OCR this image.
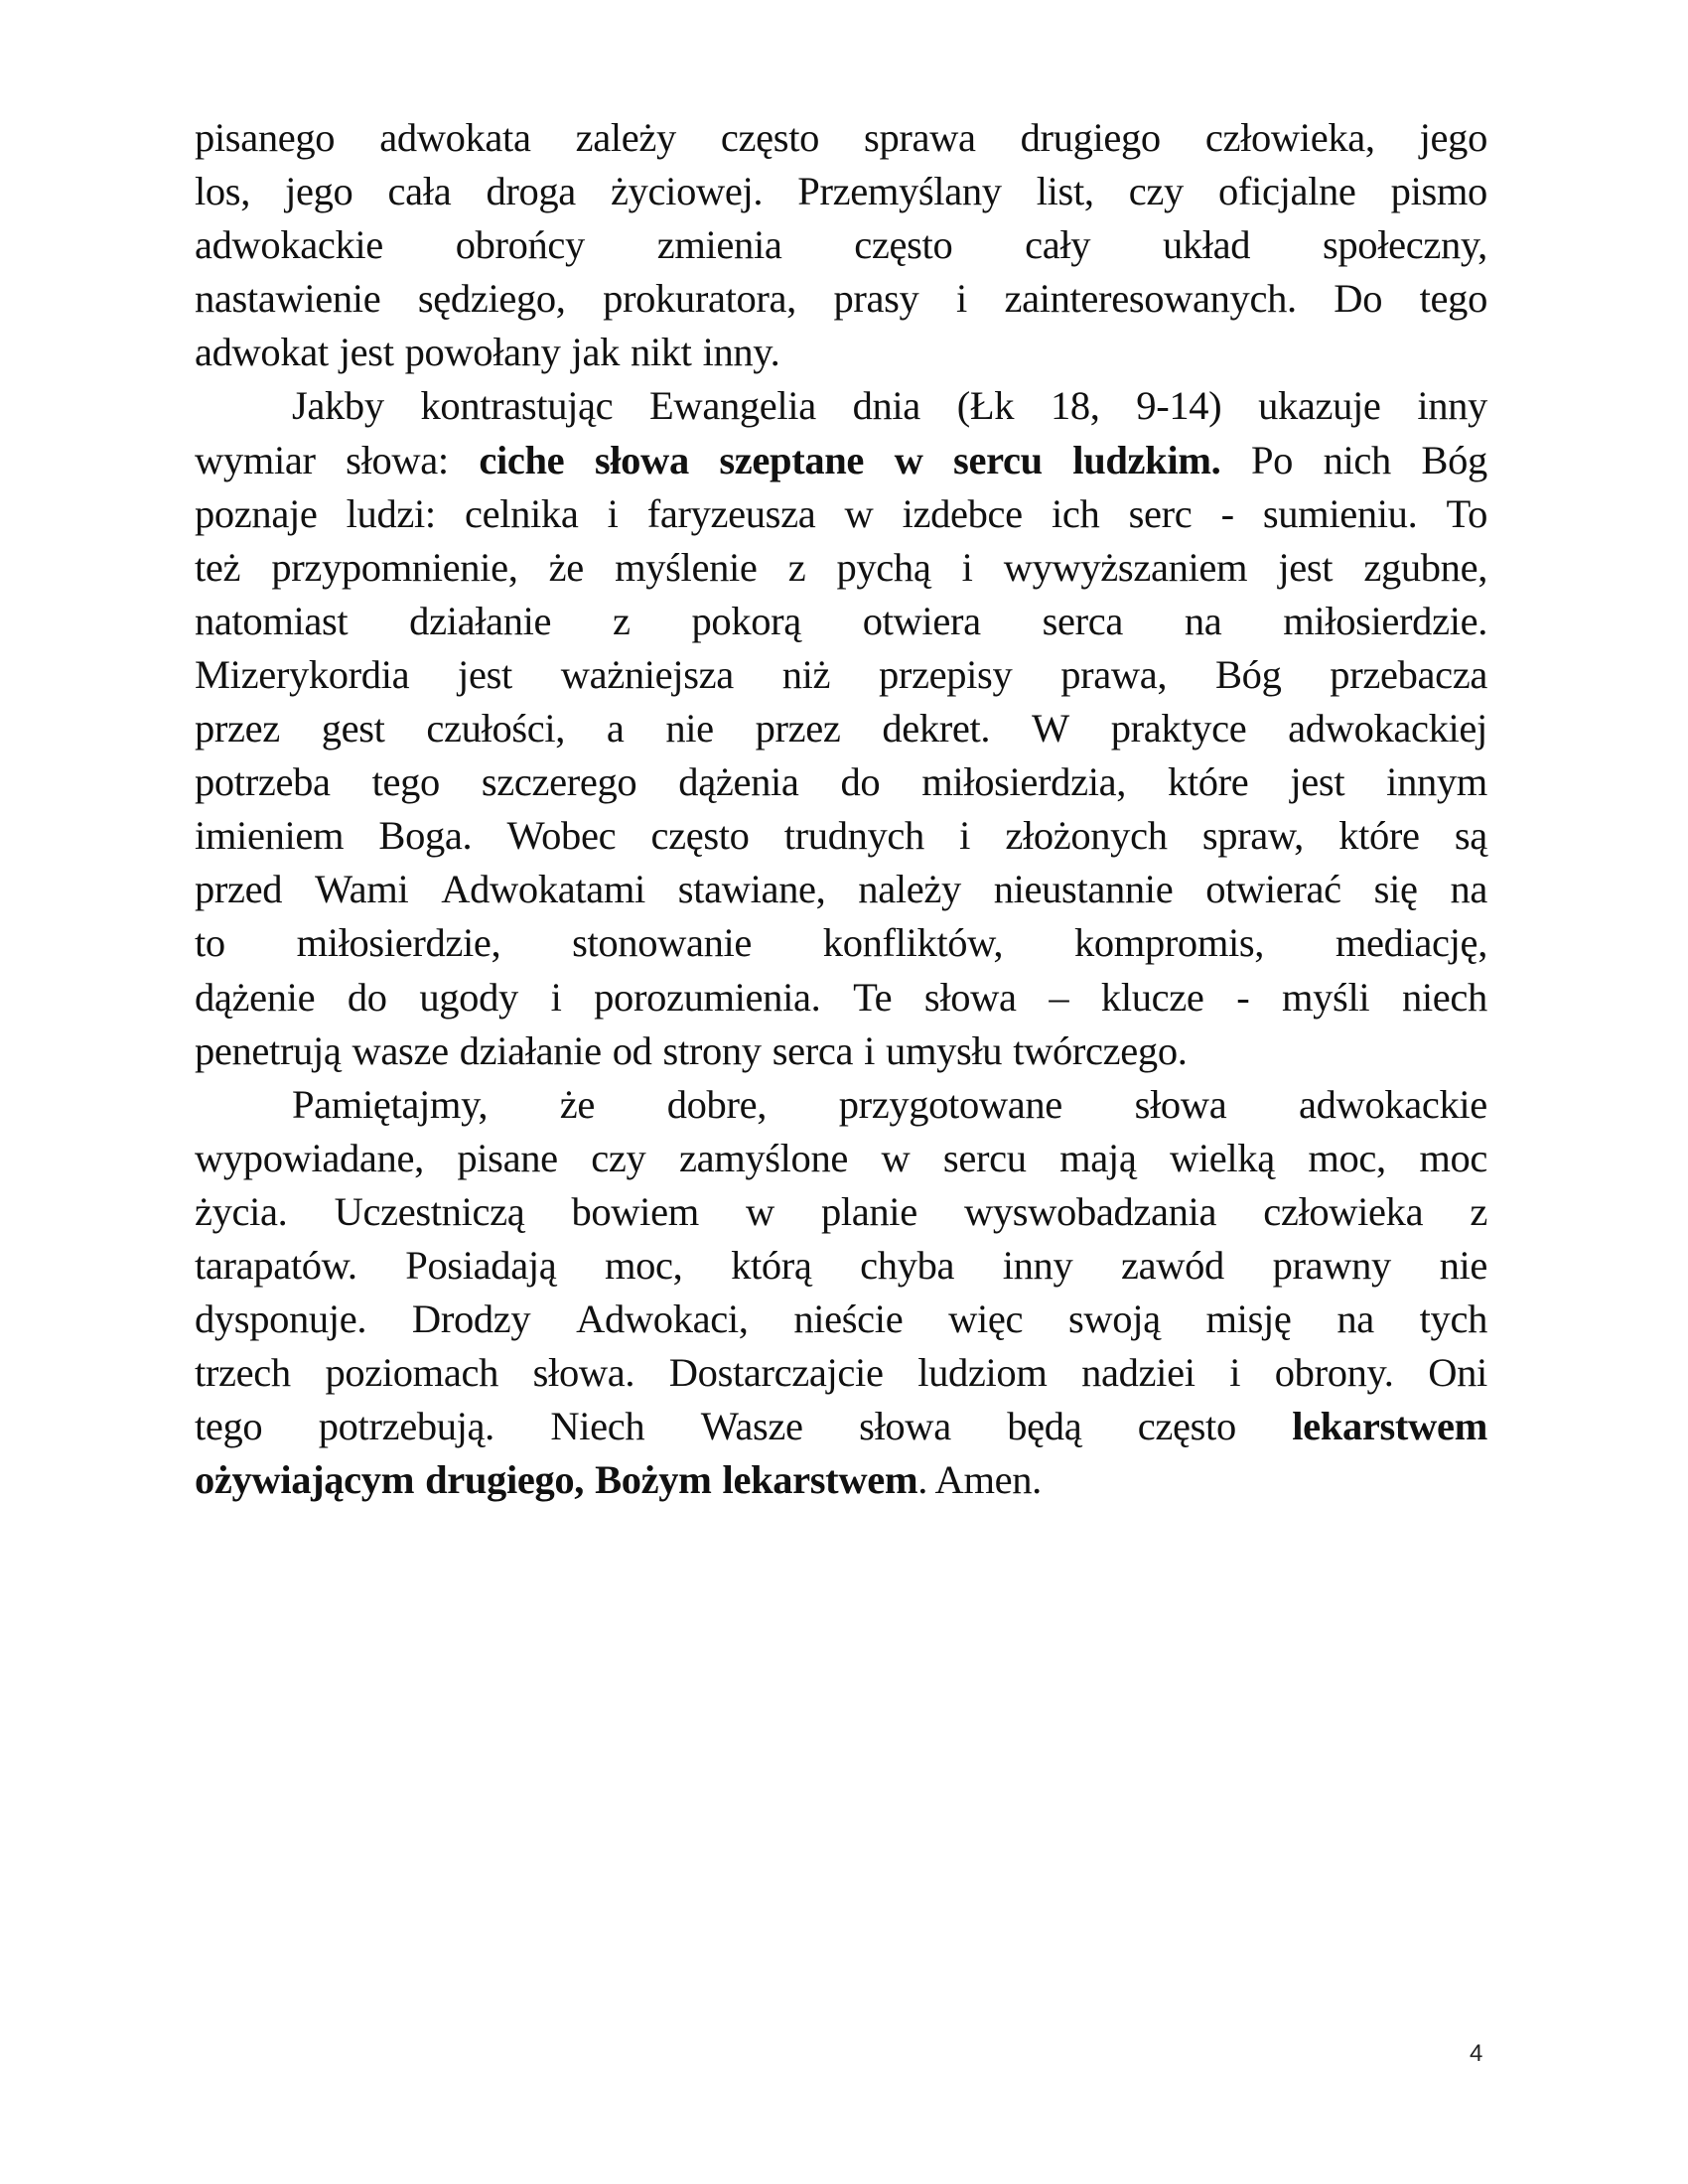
pisanego adwokata zależy często sprawa drugiego człowieka, jego
los, jego cała droga życiowej. Przemyślany list, czy oficjalne pismo
adwokackie obrońcy zmienia często cały układ społeczny,
nastawienie sędziego, prokuratora, prasy i zainteresowanych. Do tego
adwokat jest powołany jak nikt inny.
Jakby kontrastując Ewangelia dnia (Łk 18, 9-14) ukazuje inny
wymiar słowa: ciche słowa szeptane w sercu ludzkim. Po nich Bóg
poznaje ludzi: celnika i faryzeusza w izdebce ich serc - sumieniu. To
też przypomnienie, że myślenie z pychą i wywyższaniem jest zgubne,
natomiast działanie z pokorą otwiera serca na miłosierdzie.
Mizerykordia jest ważniejsza niż przepisy prawa, Bóg przebacza
przez gest czułości, a nie przez dekret. W praktyce adwokackiej
potrzeba tego szczerego dążenia do miłosierdzia, które jest innym
imieniem Boga. Wobec często trudnych i złożonych spraw, które są
przed Wami Adwokatami stawiane, należy nieustannie otwierać się na
to miłosierdzie, stonowanie konfliktów, kompromis, mediację,
dążenie do ugody i porozumienia. Te słowa – klucze - myśli niech
penetrują wasze działanie od strony serca i umysłu twórczego.
Pamiętajmy, że dobre, przygotowane słowa adwokackie
wypowiadane, pisane czy zamyślone w sercu mają wielką moc, moc
życia. Uczestniczą bowiem w planie wyswobadzania człowieka z
tarapatów. Posiadają moc, którą chyba inny zawód prawny nie
dysponuje. Drodzy Adwokaci, nieście więc swoją misję na tych
trzech poziomach słowa. Dostarczajcie ludziom nadziei i obrony. Oni
tego potrzebują. Niech Wasze słowa będą często lekarstwem
ożywiającym drugiego, Bożym lekarstwem. Amen.
4
